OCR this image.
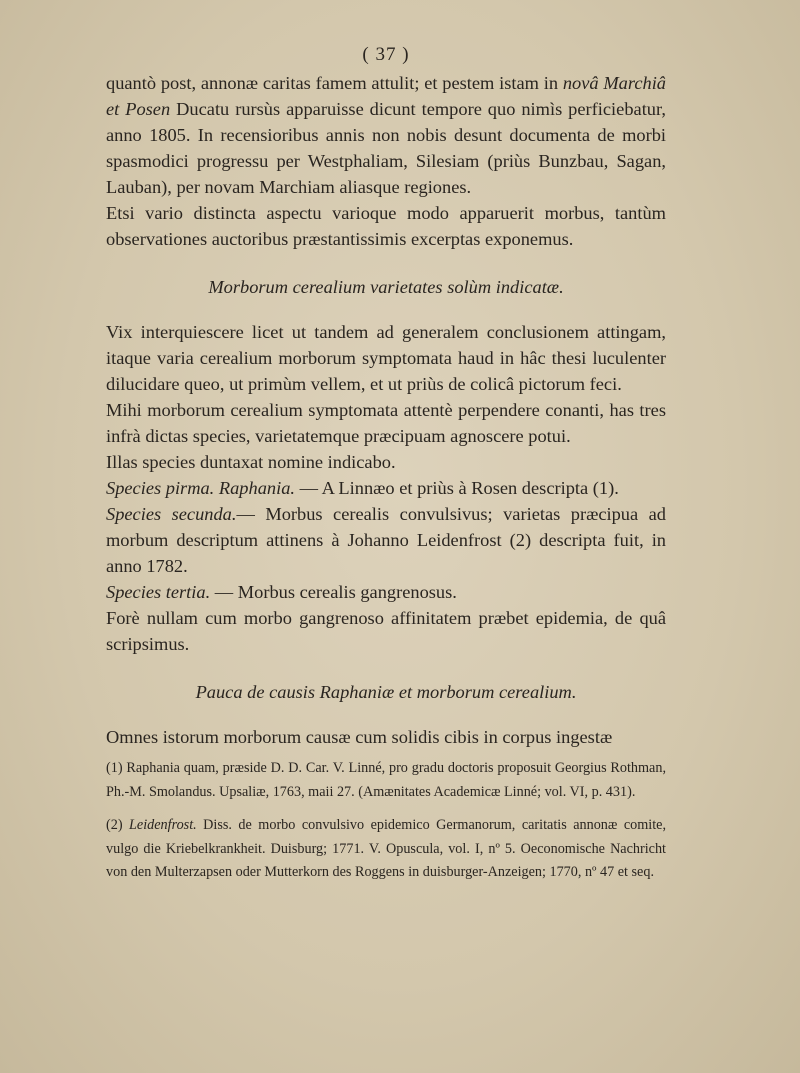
( 37 )

quantò post, annonæ caritas famem attulit; et pestem istam in novâ Marchiâ et Posen Ducatu rursùs apparuisse dicunt tempore quo nimìs perficiebatur, anno 1805. In recensioribus annis non nobis desunt documenta de morbi spasmodici progressu per Westphaliam, Silesiam (priùs Bunzbau, Sagan, Lauban), per novam Marchiam aliasque regiones.

Etsi vario distincta aspectu varioque modo apparuerit morbus, tantùm observationes auctoribus præstantissimis excerptas exponemus.

Morborum cerealium varietates solùm indicatæ.

Vix interquiescere licet ut tandem ad generalem conclusionem attingam, itaque varia cerealium morborum symptomata haud in hâc thesi luculenter dilucidare queo, ut primùm vellem, et ut priùs de colicâ pictorum feci.

Mihi morborum cerealium symptomata attentè perpendere conanti, has tres infrà dictas species, varietatemque præcipuam agnoscere potui.

Illas species duntaxat nomine indicabo.

Species pirma. Raphania. — A Linnæo et priùs à Rosen descripta (1).

Species secunda.— Morbus cerealis convulsivus; varietas præcipua ad morbum descriptum attinens à Johanno Leidenfrost (2) descripta fuit, in anno 1782.

Species tertia. — Morbus cerealis gangrenosus.

Forè nullam cum morbo gangrenoso affinitatem præbet epidemia, de quâ scripsimus.

Pauca de causis Raphaniæ et morborum cerealium.

Omnes istorum morborum causæ cum solidis cibis in corpus ingestæ

(1) Raphania quam, præside D. D. Car. V. Linné, pro gradu doctoris proposuit Georgius Rothman, Ph.-M. Smolandus. Upsaliæ, 1763, maii 27. (Amænitates Academicæ Linné; vol. VI, p. 431).

(2) Leidenfrost. Diss. de morbo convulsivo epidemico Germanorum, caritatis annonæ comite, vulgo die Kriebelkrankheit. Duisburg; 1771. V. Opuscula, vol. I, nº 5. Oeconomische Nachricht von den Multerzapsen oder Mutterkorn des Roggens in duisburger-Anzeigen; 1770, nº 47 et seq.
